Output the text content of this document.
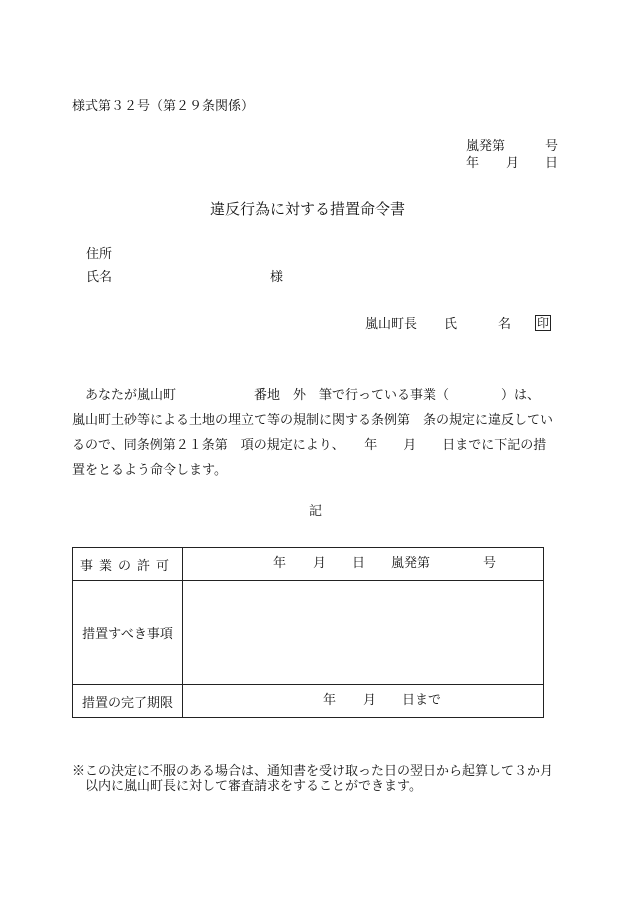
様式第３２号（第２９条関係）
嵐発第	号
年 月 日
違反行為に対する措置命令書
住所
氏名	様
嵐山町長 氏	名 印
　あなたが嵐山町　　　　　　番地　外　筆で行っている事業（　　　　）は、
嵐山町土砂等による土地の埋立て等の規制に関する条例第　条の規定に違反してい
るので、同条例第２１条第　項の規定により、　　年　　月　　日までに下記の措
置をとるよう命令します。
記
事業の許可	年 月 日 嵐発第 号

措置すべき事項	
措置の完了期限	年 月 日まで
※この決定に不服のある場合は、通知書を受け取った日の翌日から起算して３か月
以内に嵐山町長に対して審査請求をすることができます。
